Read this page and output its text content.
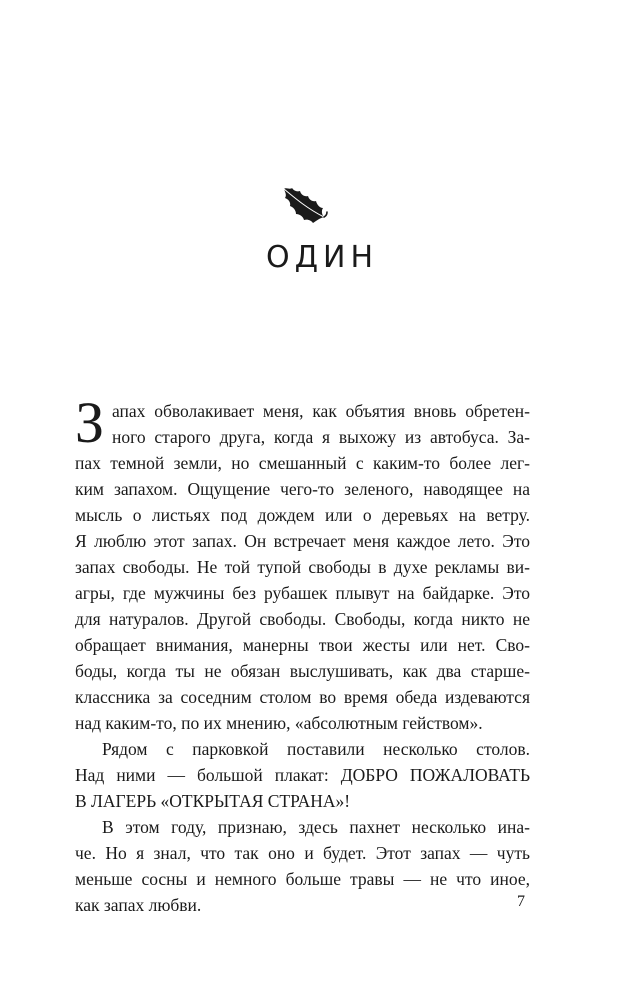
ОДИН
З апах обволакивает меня, как объятия вновь обретен-
ного старого друга, когда я выхожу из автобуса. За-
пах темной земли, но смешанный с каким-то более лег-
ким запахом. Ощущение чего-то зеленого, наводящее на
мысль о листьях под дождем или о деревьях на ветру.
Я люблю этот запах. Он встречает меня каждое лето. Это
запах свободы. Не той тупой свободы в духе рекламы ви-
агры, где мужчины без рубашек плывут на байдарке. Это
для натуралов. Другой свободы. Свободы, когда никто не
обращает внимания, манерны твои жесты или нет. Сво-
боды, когда ты не обязан выслушивать, как два старше-
классника за соседним столом во время обеда издеваются
над каким-то, по их мнению, «абсолютным гейством».
Рядом с парковкой поставили несколько столов.
Над ними — большой плакат: ДОБРО ПОЖАЛОВАТЬ
В ЛАГЕРЬ «ОТКРЫТАЯ СТРАНА»!
В этом году, признаю, здесь пахнет несколько ина-
че. Но я знал, что так оно и будет. Этот запах — чуть
меньше сосны и немного больше травы — не что иное,
как запах любви.	7
